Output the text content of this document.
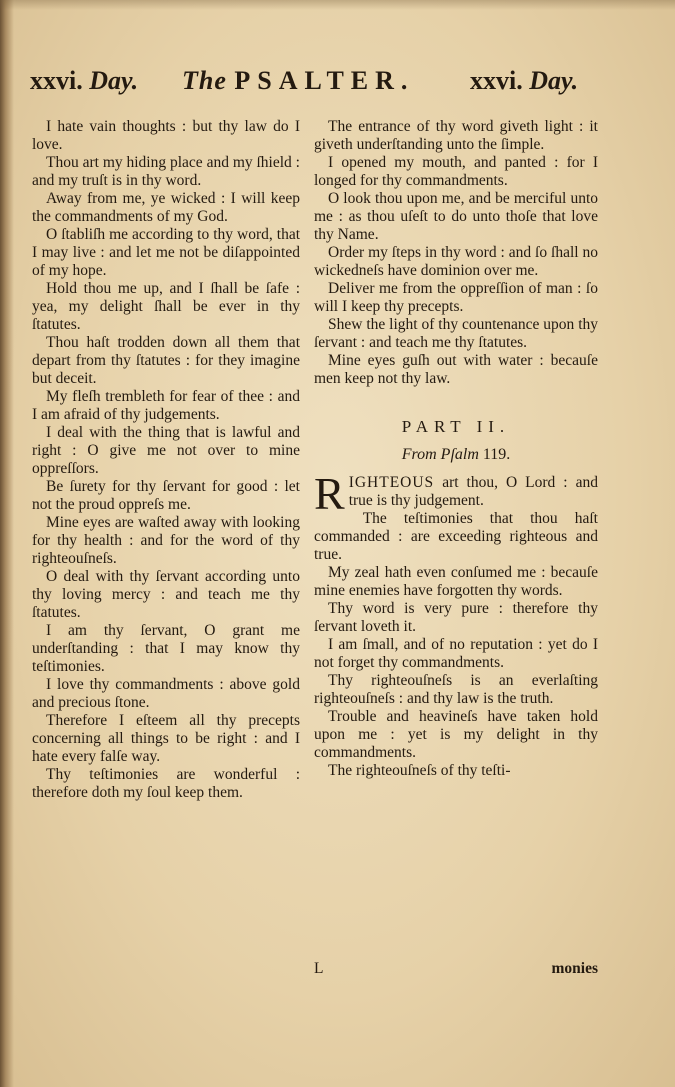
xxvi. Day. The PSALTER. xxvi. Day.

I hate vain thoughts : but thy law do I love.

Thou art my hiding place and my ſhield : and my truſt is in thy word.

Away from me, ye wicked : I will keep the commandments of my God.

O ſtabliſh me according to thy word, that I may live : and let me not be diſappointed of my hope.

Hold thou me up, and I ſhall be ſafe : yea, my delight ſhall be ever in thy ſtatutes.

Thou haſt trodden down all them that depart from thy ſtatutes : for they imagine but deceit.

My fleſh trembleth for fear of thee : and I am afraid of thy judgements.

I deal with the thing that is lawful and right : O give me not over to mine oppreſſors.

Be ſurety for thy ſervant for good : let not the proud oppreſs me.

Mine eyes are waſted away with looking for thy health : and for the word of thy righteouſneſs.

O deal with thy ſervant according unto thy loving mercy : and teach me thy ſtatutes.

I am thy ſervant, O grant me underſtanding : that I may know thy teſtimonies.

I love thy commandments : above gold and precious ſtone.

Therefore I eſteem all thy precepts concerning all things to be right : and I hate every falſe way.

Thy teſtimonies are wonderful : therefore doth my ſoul keep them.

The entrance of thy word giveth light : it giveth underſtanding unto the ſimple.

I opened my mouth, and panted : for I longed for thy commandments.

O look thou upon me, and be merciful unto me : as thou uſeſt to do unto thoſe that love thy Name.

Order my ſteps in thy word : and ſo ſhall no wickedneſs have dominion over me.

Deliver me from the oppreſſion of man : ſo will I keep thy precepts.

Shew the light of thy countenance upon thy ſervant : and teach me thy ſtatutes.

Mine eyes guſh out with water : becauſe men keep not thy law.

PART II.
From Pſalm 119.

RIGHTEOUS art thou, O Lord : and true is thy judgement.

The teſtimonies that thou haſt commanded : are exceeding righteous and true.

My zeal hath even conſumed me : becauſe mine enemies have forgotten thy words.

Thy word is very pure : therefore thy ſervant loveth it.

I am ſmall, and of no reputation : yet do I not forget thy commandments.

Thy righteouſneſs is an everlaſting righteouſneſs : and thy law is the truth.

Trouble and heavineſs have taken hold upon me : yet is my delight in thy commandments.

The righteouſneſs of thy teſti-

L	monies
